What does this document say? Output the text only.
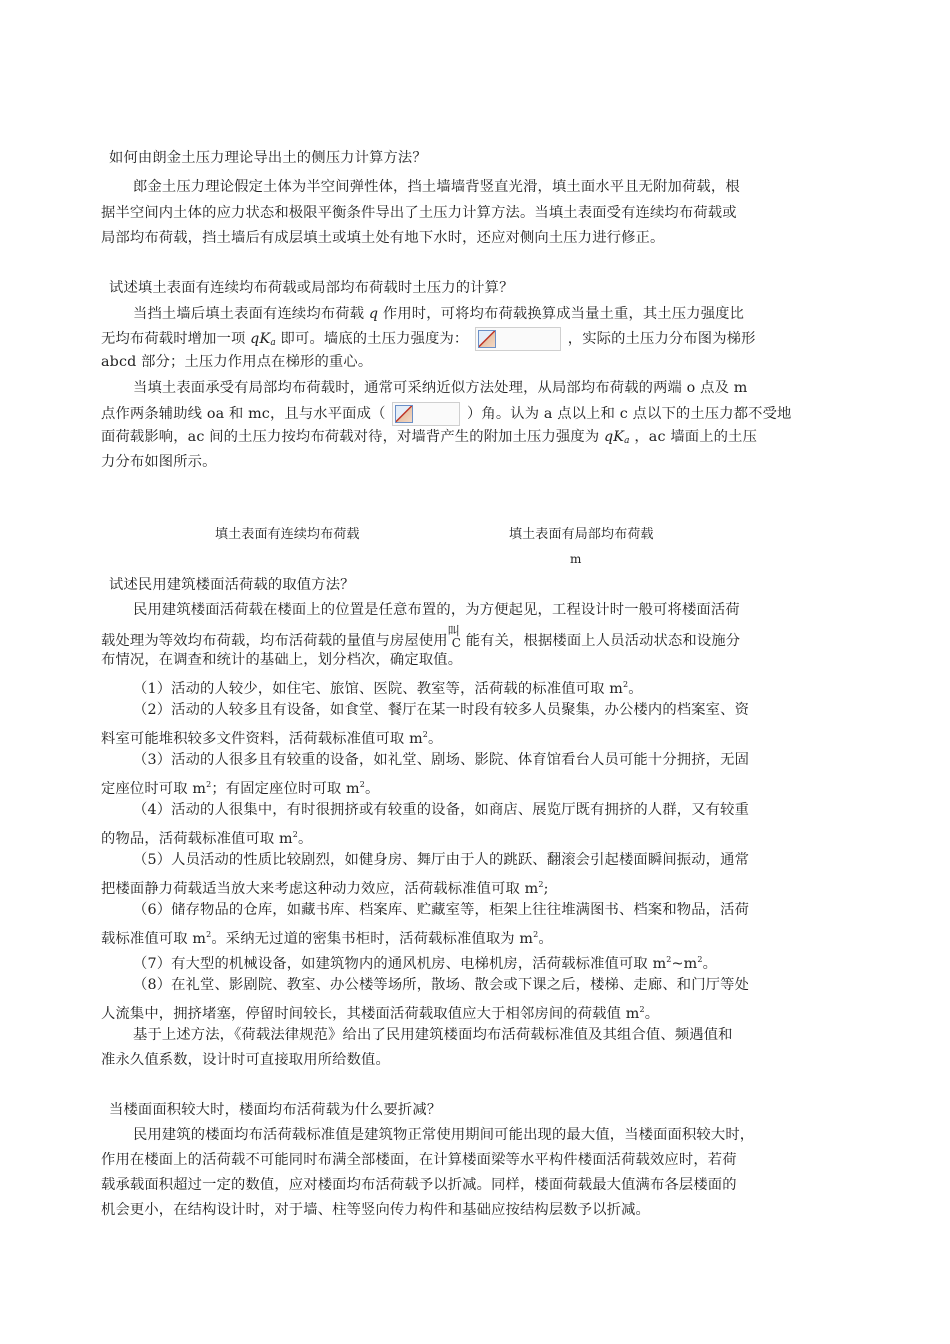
如何由朗金土压力理论导出土的侧压力计算方法？
郎金土压力理论假定土体为半空间弹性体，挡土墙墙背竖直光滑，填土面水平且无附加荷载，根
据半空间内土体的应力状态和极限平衡条件导出了土压力计算方法。当填土表面受有连续均布荷载或
局部均布荷载，挡土墙后有成层填土或填土处有地下水时，还应对侧向土压力进行修正。
试述填土表面有连续均布荷载或局部均布荷载时土压力的计算？
当挡土墙后填土表面有连续均布荷载 q 作用时，可将均布荷载换算成当量土重，其土压力强度比
无均布荷载时增加一项 $qK_a$ 即可。墙底的土压力强度为：	，实际的土压力分布图为梯形
abcd 部分；土压力作用点在梯形的重心。
当填土表面承受有局部均布荷载时，通常可采纳近似方法处理，从局部均布荷载的两端 o 点及 m
点作两条辅助线 oa 和 mc，且与水平面成（	）角。认为 a 点以上和 c 点以下的土压力都不受地
面荷载影响，ac 间的土压力按均布荷载对待，对墙背产生的附加土压力强度为 $qK_a$ ，ac 墙面上的土压
力分布如图所示。
填土表面有连续均布荷载	填土表面有局部均布荷载
m
试述民用建筑楼面活荷载的取值方法？
民用建筑楼面活荷载在楼面上的位置是任意布置的，为方便起见，工程设计时一般可将楼面活荷
载处理为等效均布荷载，均布活荷载的量值与房屋使用
叫
C 能有关，根据楼面上人员活动状态和设施分
布情况，在调查和统计的基础上，划分档次，确定取值。
（1）活动的人较少，如住宅、旅馆、医院、教室等，活荷载的标准值可取 $m^2$。
（2）活动的人较多且有设备，如食堂、餐厅在某一时段有较多人员聚集，办公楼内的档案室、资
料室可能堆积较多文件资料，活荷载标准值可取 $m^2$。
（3）活动的人很多且有较重的设备，如礼堂、剧场、影院、体育馆看台人员可能十分拥挤，无固
定座位时可取 $m^2$；有固定座位时可取 $m^2$。
（4）活动的人很集中，有时很拥挤或有较重的设备，如商店、展览厅既有拥挤的人群，又有较重
的物品，活荷载标准值可取 $m^2$。
（5）人员活动的性质比较剧烈，如健身房、舞厅由于人的跳跃、翻滚会引起楼面瞬间振动，通常
把楼面静力荷载适当放大来考虑这种动力效应，活荷载标准值可取 $m^2$;
（6）储存物品的仓库，如藏书库、档案库、贮藏室等，柜架上往往堆满图书、档案和物品，活荷
载标准值可取 $m^2$。采纳无过道的密集书柜时，活荷载标准值取为 $m^2$。
（7）有大型的机械设备，如建筑物内的通风机房、电梯机房，活荷载标准值可取 $m^2\sim m^2$。
（8）在礼堂、影剧院、教室、办公楼等场所，散场、散会或下课之后，楼梯、走廊、和门厅等处
人流集中，拥挤堵塞，停留时间较长，其楼面活荷载取值应大于相邻房间的荷载值 $m^2$。
基于上述方法，《荷载法律规范》给出了民用建筑楼面均布活荷载标准值及其组合值、频遇值和
准永久值系数，设计时可直接取用所给数值。
当楼面面积较大时，楼面均布活荷载为什么要折减？
民用建筑的楼面均布活荷载标准值是建筑物正常使用期间可能出现的最大值，当楼面面积较大时，
作用在楼面上的活荷载不可能同时布满全部楼面，在计算楼面梁等水平构件楼面活荷载效应时，若荷
载承载面积超过一定的数值，应对楼面均布活荷载予以折减。同样，楼面荷载最大值满布各层楼面的
机会更小，在结构设计时，对于墙、柱等竖向传力构件和基础应按结构层数予以折减。
